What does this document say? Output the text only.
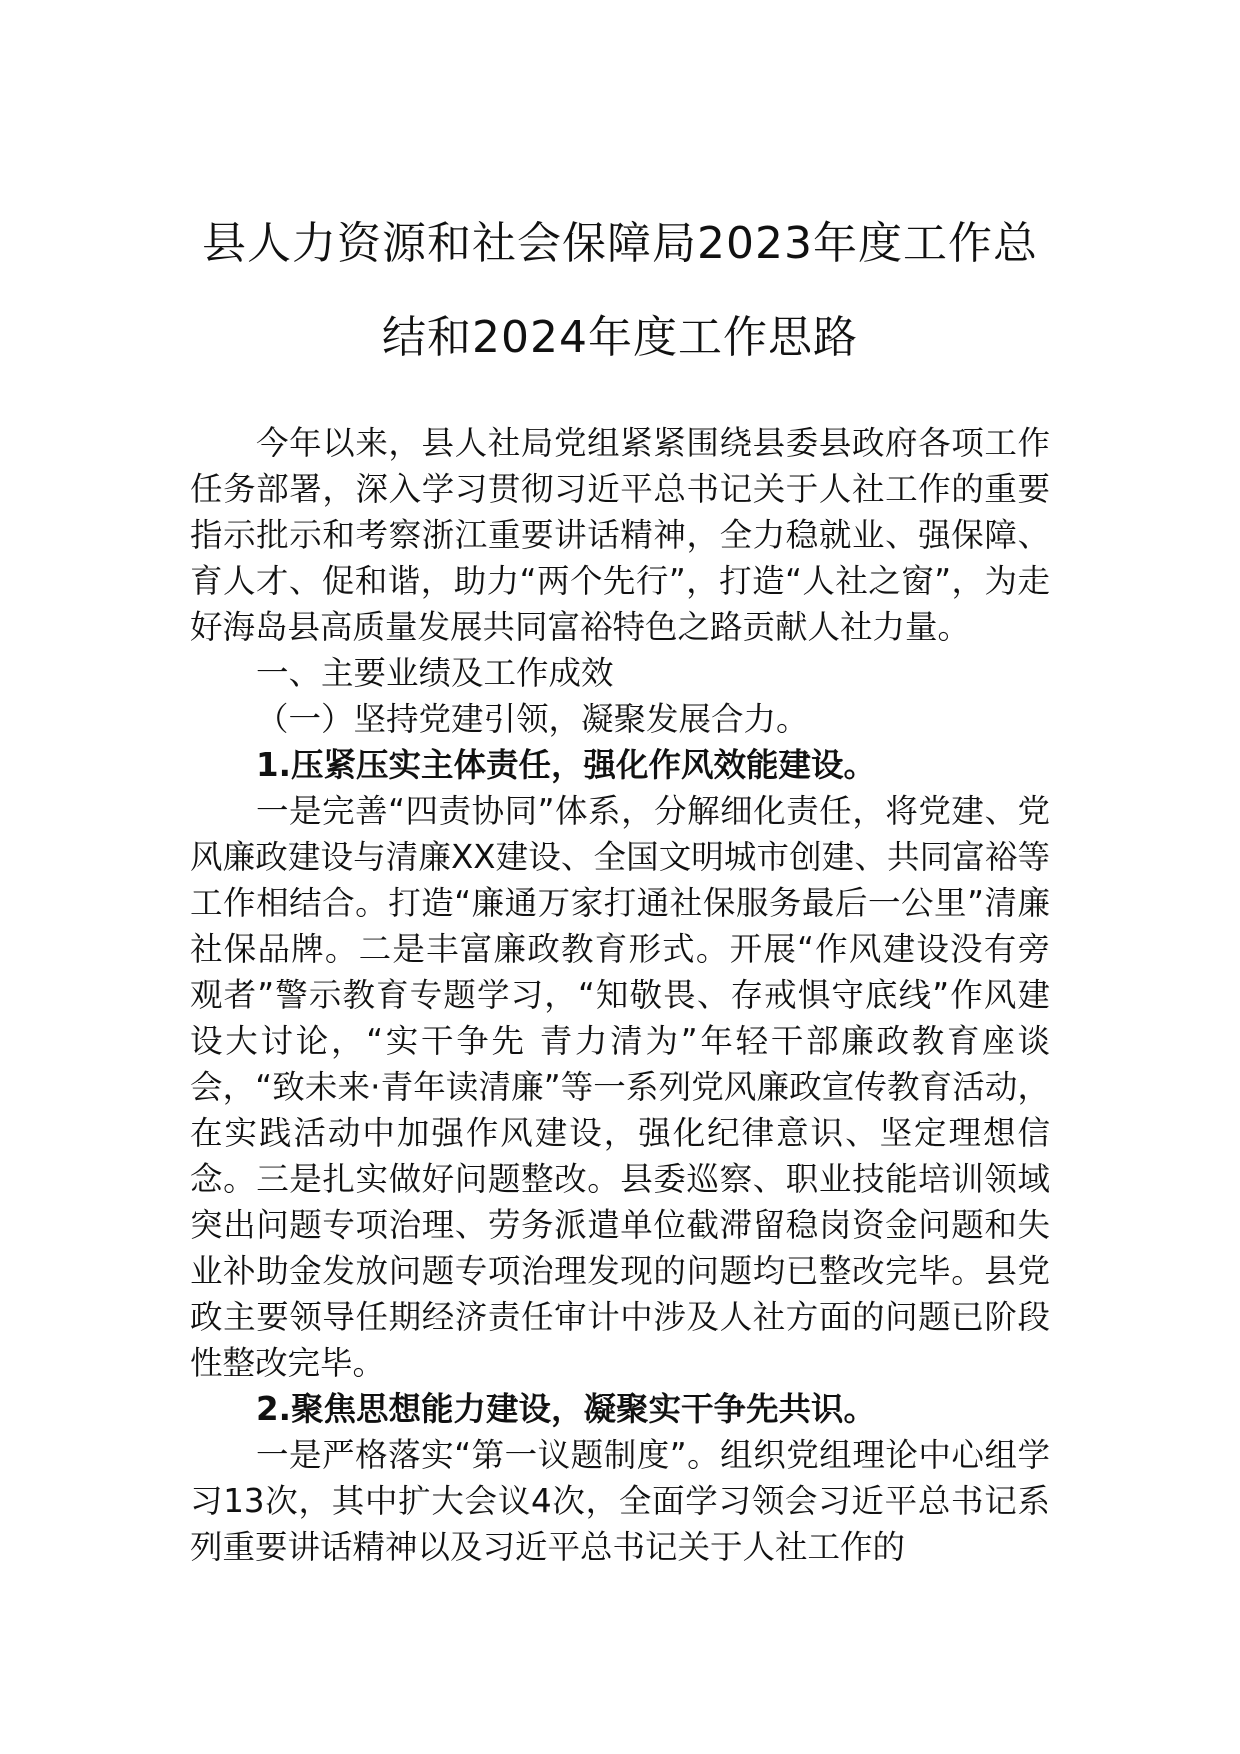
县人力资源和社会保障局2023年度工作总
结和2024年度工作思路

今年以来，县人社局党组紧紧围绕县委县政府各项工作任务部署，深入学习贯彻习近平总书记关于人社工作的重要指示批示和考察浙江重要讲话精神，全力稳就业、强保障、育人才、促和谐，助力“两个先行”，打造“人社之窗”，为走好海岛县高质量发展共同富裕特色之路贡献人社力量。

一、主要业绩及工作成效

（一）坚持党建引领，凝聚发展合力。

1.压紧压实主体责任，强化作风效能建设。

一是完善“四责协同”体系，分解细化责任，将党建、党风廉政建设与清廉XX建设、全国文明城市创建、共同富裕等工作相结合。打造“廉通万家打通社保服务最后一公里”清廉社保品牌。二是丰富廉政教育形式。开展“作风建设没有旁观者”警示教育专题学习，“知敬畏、存戒惧守底线”作风建设大讨论，“实干争先 青力清为”年轻干部廉政教育座谈会，“致未来·青年读清廉”等一系列党风廉政宣传教育活动，在实践活动中加强作风建设，强化纪律意识、坚定理想信念。三是扎实做好问题整改。县委巡察、职业技能培训领域突出问题专项治理、劳务派遣单位截滞留稳岗资金问题和失业补助金发放问题专项治理发现的问题均已整改完毕。县党政主要领导任期经济责任审计中涉及人社方面的问题已阶段性整改完毕。

2.聚焦思想能力建设，凝聚实干争先共识。

一是严格落实“第一议题制度”。组织党组理论中心组学习13次，其中扩大会议4次，全面学习领会习近平总书记系列重要讲话精神以及习近平总书记关于人社工作的
